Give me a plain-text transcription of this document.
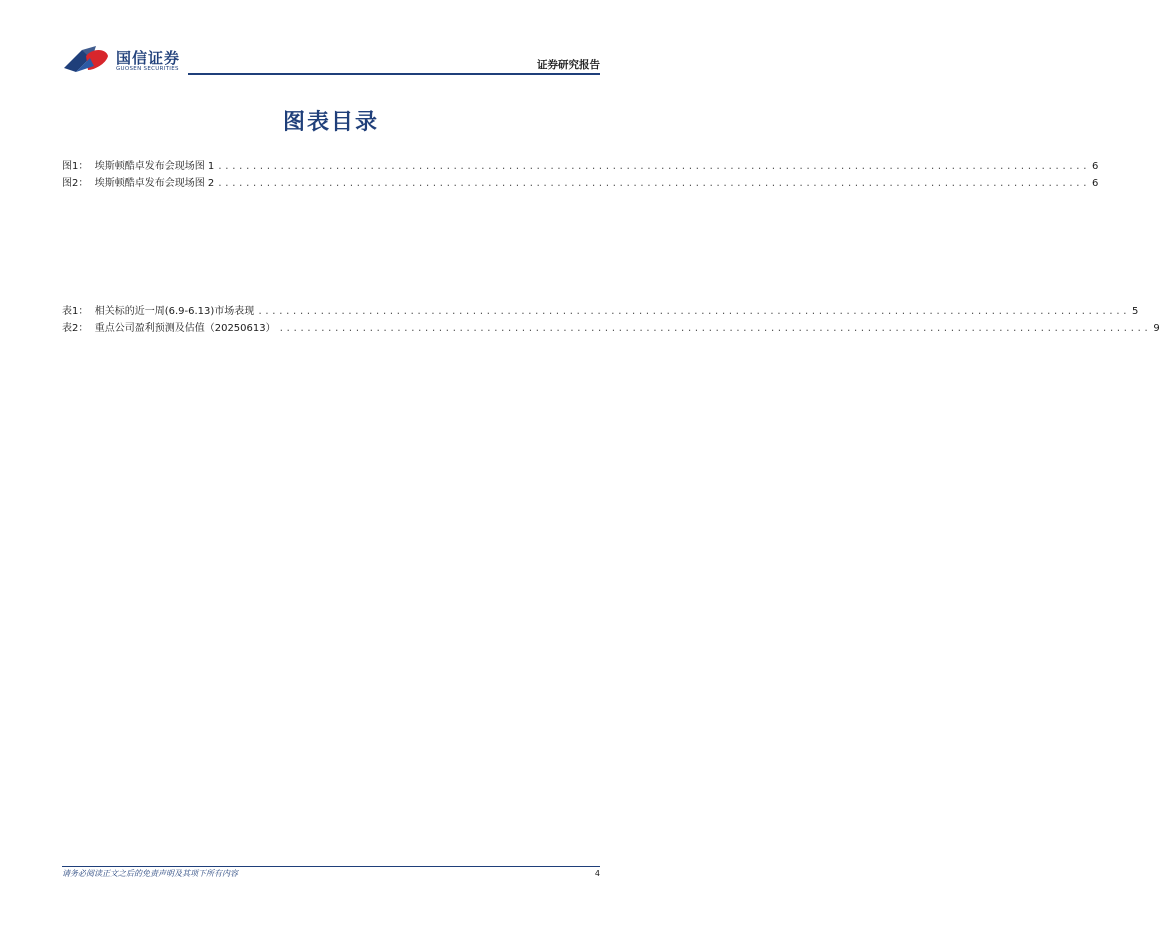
国信证券
GUOSEN SECURITIES	证券研究报告
图表目录
图1：  埃斯顿酷卓发布会现场图 1 .............................................................................................................................. 6
图2：  埃斯顿酷卓发布会现场图 2 .............................................................................................................................. 6
表1：  相关标的近一周(6.9-6.13)市场表现 .............................................................................................................................. 5
表2：  重点公司盈利预测及估值（20250613） .............................................................................................................................. 9
请务必阅读正文之后的免责声明及其项下所有内容	4
